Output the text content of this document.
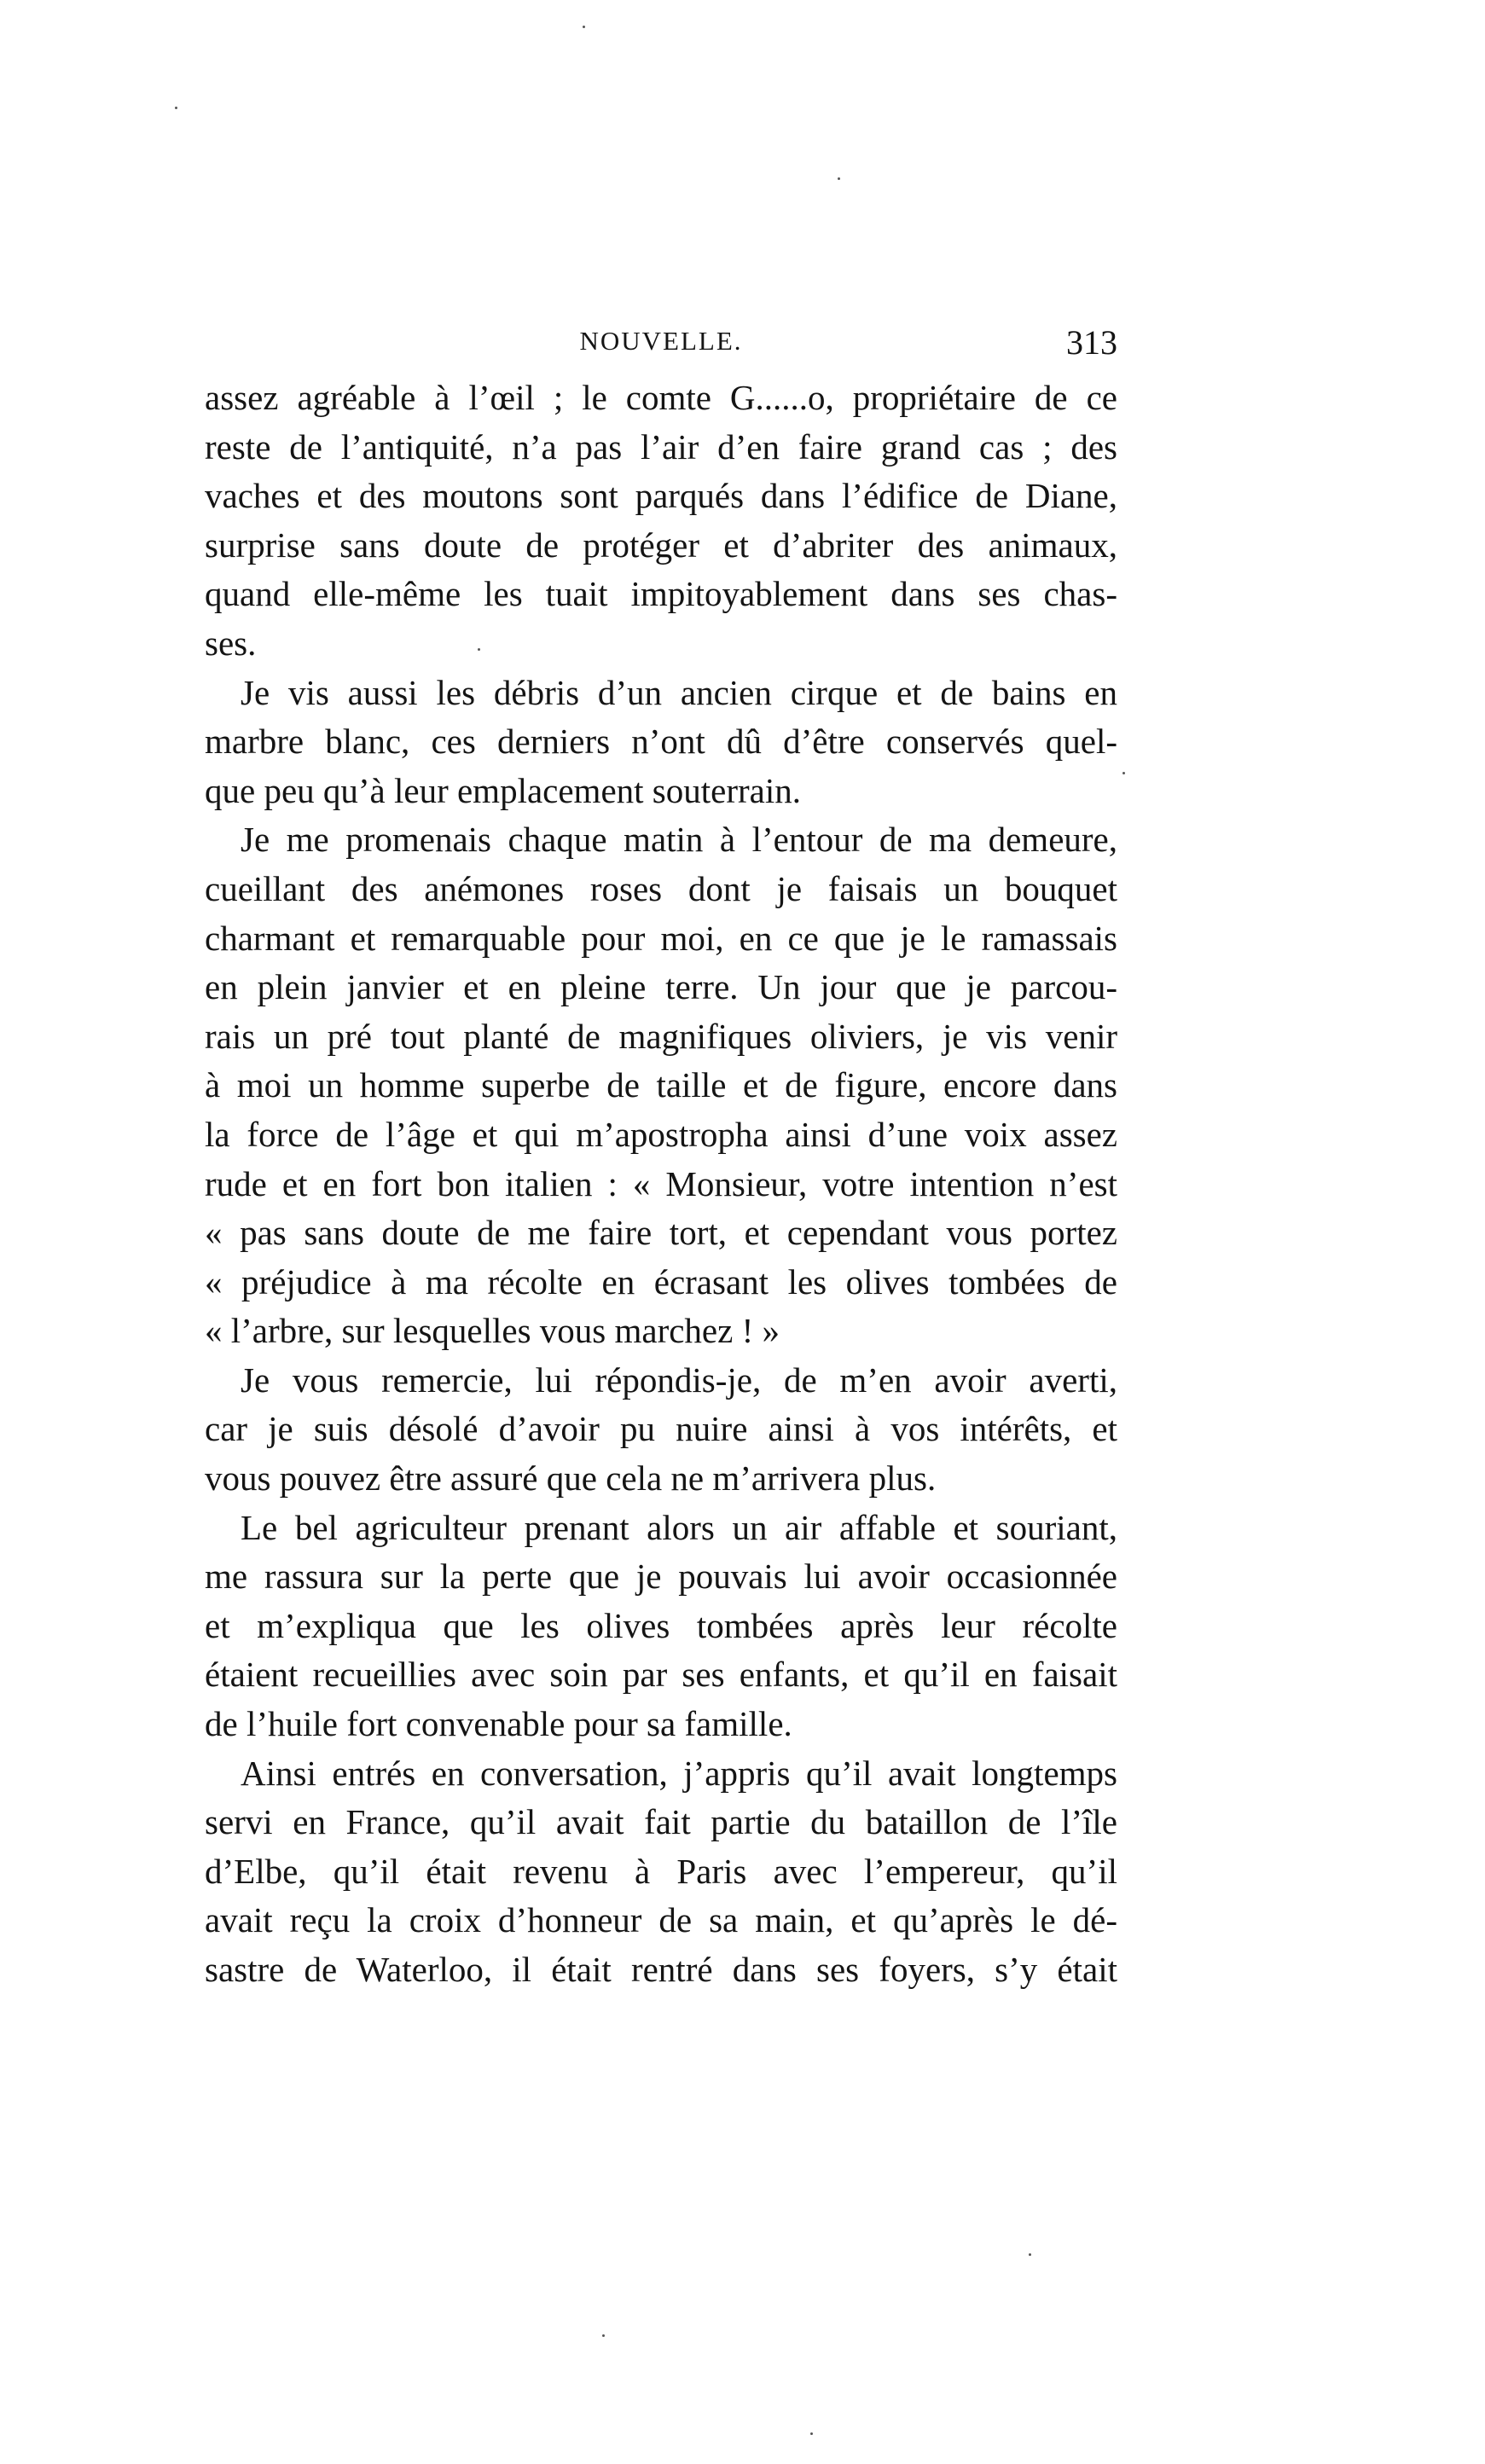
NOUVELLE.	313
assez agréable à l’œil ; le comte G......o, propriétaire de ce
reste de l’antiquité, n’a pas l’air d’en faire grand cas ; des
vaches et des moutons sont parqués dans l’édifice de Diane,
surprise sans doute de protéger et d’abriter des animaux,
quand elle-même les tuait impitoyablement dans ses chas-
ses.
Je vis aussi les débris d’un ancien cirque et de bains en
marbre blanc, ces derniers n’ont dû d’être conservés quel-
que peu qu’à leur emplacement souterrain.
Je me promenais chaque matin à l’entour de ma demeure,
cueillant des anémones roses dont je faisais un bouquet
charmant et remarquable pour moi, en ce que je le ramassais
en plein janvier et en pleine terre. Un jour que je parcou-
rais un pré tout planté de magnifiques oliviers, je vis venir
à moi un homme superbe de taille et de figure, encore dans
la force de l’âge et qui m’apostropha ainsi d’une voix assez
rude et en fort bon italien : « Monsieur, votre intention n’est
« pas sans doute de me faire tort, et cependant vous portez
« préjudice à ma récolte en écrasant les olives tombées de
« l’arbre, sur lesquelles vous marchez ! »
Je vous remercie, lui répondis-je, de m’en avoir averti,
car je suis désolé d’avoir pu nuire ainsi à vos intérêts, et
vous pouvez être assuré que cela ne m’arrivera plus.
Le bel agriculteur prenant alors un air affable et souriant,
me rassura sur la perte que je pouvais lui avoir occasionnée
et m’expliqua que les olives tombées après leur récolte
étaient recueillies avec soin par ses enfants, et qu’il en faisait
de l’huile fort convenable pour sa famille.
Ainsi entrés en conversation, j’appris qu’il avait longtemps
servi en France, qu’il avait fait partie du bataillon de l’île
d’Elbe, qu’il était revenu à Paris avec l’empereur, qu’il
avait reçu la croix d’honneur de sa main, et qu’après le dé-
sastre de Waterloo, il était rentré dans ses foyers, s’y était
